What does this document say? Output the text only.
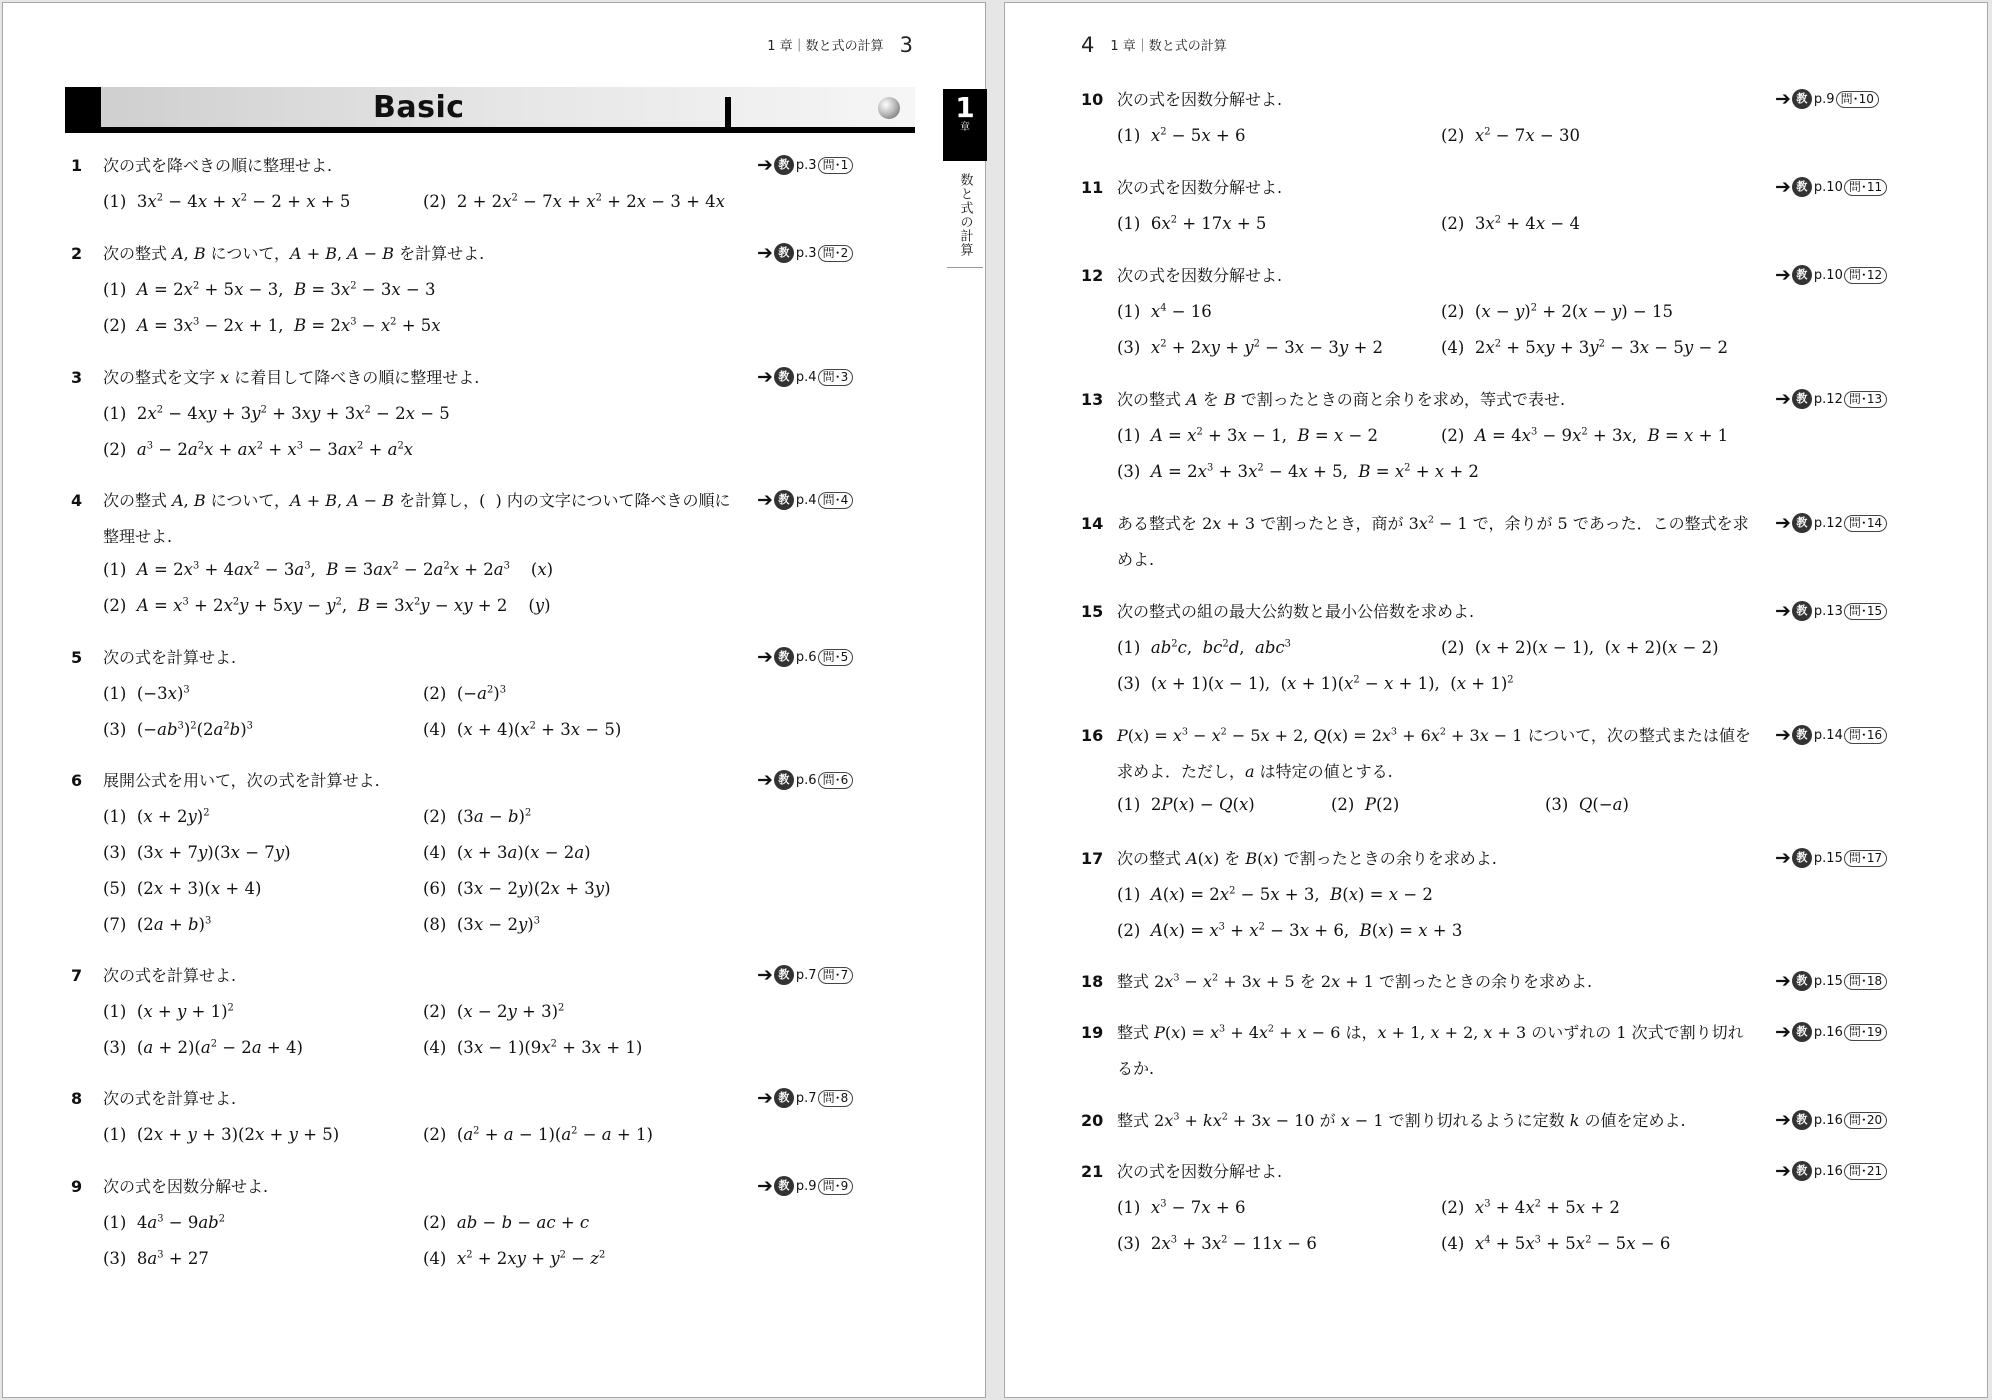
1 章｜数と式の計算 3
Basic
1 次の式を降べきの順に整理せよ.
(1)  $3x^2 - 4x + x^2 - 2 + x + 5$	(2)  $2 + 2x^2 - 7x + x^2 + 2x - 3 + 4x$
➔ 教 p.3 問･1
2 次の整式 A, B について，A + B, A − B を計算せよ.
(1)  $A = 2x^2 + 5x - 3$,  $B = 3x^2 - 3x - 3$
(2)  $A = 3x^3 - 2x + 1$,  $B = 2x^3 - x^2 + 5x$
➔ 教 p.3 問･2
3 次の整式を文字 x に着目して降べきの順に整理せよ.
(1)  $2x^2 - 4xy + 3y^2 + 3xy + 3x^2 - 2x - 5$
(2)  $a^3 - 2a^2x + ax^2 + x^3 - 3ax^2 + a^2x$
➔ 教 p.4 問･3
4 次の整式 A, B について，A + B, A − B を計算し，(  ) 内の文字について降べきの順に整理せよ.
(1)  $A = 2x^3 + 4ax^2 - 3a^3$,  $B = 3ax^2 - 2a^2x + 2a^3$    (x)
(2)  $A = x^3 + 2x^2y + 5xy - y^2$,  $B = 3x^2y$ − xy + 2    (y)
➔ 教 p.4 問･4
5 次の式を計算せよ.
(1)  $(-3x)^3$	(2)  $(-a^2)^3$
(3)  $(-ab^3)^2(2a^2b)^3$	(4)  $(x + 4)(x^2 + 3x - 5)$
➔ 教 p.6 問･5
6 展開公式を用いて，次の式を計算せよ.
(1)  $(x + 2y)^2$	(2)  $(3a - b)^2$
(3)  (3x + 7y)(3x − 7y)	(4)  (x + 3a)(x − 2a)
(5)  (2x + 3)(x + 4)	(6)  (3x − 2y)(2x + 3y)
(7)  $(2a + b)^3$	(8)  $(3x - 2y)^3$
➔ 教 p.6 問･6
7 次の式を計算せよ.
(1)  $(x + y + 1)^2$	(2)  $(x - 2y + 3)^2$
(3)  $(a + 2)(a^2 - 2a + 4)$	(4)  $(3x - 1)(9x^2 + 3x + 1)$
➔ 教 p.7 問･7
8 次の式を計算せよ.
(1)  (2x + y + 3)(2x + y + 5)	(2)  $(a^2 + a - 1)(a^2 - a + 1)$
➔ 教 p.7 問･8
9 次の式を因数分解せよ.
(1)  $4a^3 - 9ab^2$	(2)  ab − b − ac + c
(3)  $8a^3 + 27$	(4)  $x^2 + 2xy + y^2 - z^2$
➔ 教 p.9 問･9
1
章
数と式の計算
4 1 章｜数と式の計算
10 次の式を因数分解せよ.
(1)  $x^2 - 5x + 6$	(2)  $x^2 - 7x - 30$
➔ 教 p.9 問･10
11 次の式を因数分解せよ.
(1)  $6x^2 + 17x + 5$	(2)  $3x^2 + 4x - 4$
➔ 教 p.10 問･11
12 次の式を因数分解せよ.
(1)  $x^4 - 16$	(2)  $(x - y)^2 + 2(x - y) - 15$
(3)  $x^2 + 2xy + y^2 - 3x - 3y + 2$	(4)  $2x^2 + 5xy + 3y^2 - 3x - 5y - 2$
➔ 教 p.10 問･12
13 次の整式 A を B で割ったときの商と余りを求め，等式で表せ.
(1)  $A = x^2 + 3x - 1$,  B = x − 2	(2)  $A = 4x^3 - 9x^2 + 3x$,  B = x + 1
(3)  $A = 2x^3 + 3x^2 - 4x + 5$,  $B = x^2 + x + 2$
➔ 教 p.12 問･13
14 ある整式を 2x + 3 で割ったとき，商が $3x^2 - 1$ で，余りが 5 であった．この整式を求めよ.
➔ 教 p.12 問･14
15 次の整式の組の最大公約数と最小公倍数を求めよ.
(1)  $ab^2c$,  $bc^2d$,  abc$^3$	(2)  (x + 2)(x − 1),  (x + 2)(x − 2)
(3)  (x + 1)(x − 1),  $(x + 1)(x^2 - x + 1)$,  $(x + 1)^2$
➔ 教 p.13 問･15
16 $P(x) = x^3 - x^2 - 5x + 2$, $Q(x) = 2x^3 + 6x^2 + 3x - 1$ について，次の整式または値を求めよ．ただし，a は特定の値とする.
(1)  2P(x) − Q(x)	(2)  P(2)	(3)  Q(−a)
➔ 教 p.14 問･16
17 次の整式 A(x) を B(x) で割ったときの余りを求めよ.
(1)  $A(x) = 2x^2 - 5x + 3$,  B(x) = x − 2
(2)  $A(x) = x^3 + x^2 - 3x + 6$,  B(x) = x + 3
➔ 教 p.15 問･17
18 整式 $2x^3 - x^2 + 3x + 5$ を 2x + 1 で割ったときの余りを求めよ.	➔ 教 p.15 問･18
19 整式 $P(x) = x^3 + 4x^2 + x - 6$ は，x + 1, x + 2, x + 3 のいずれの 1 次式で割り切れるか.
➔ 教 p.16 問･19
20 整式 $2x^3 + kx^2 + 3x - 10$ が x − 1 で割り切れるように定数 k の値を定めよ.	➔ 教 p.16 問･20
21 次の式を因数分解せよ.
(1)  $x^3 - 7x + 6$	(2)  $x^3 + 4x^2 + 5x + 2$
(3)  $2x^3 + 3x^2 - 11x - 6$	(4)  $x^4 + 5x^3 + 5x^2 - 5x - 6$
➔ 教 p.16 問･21
